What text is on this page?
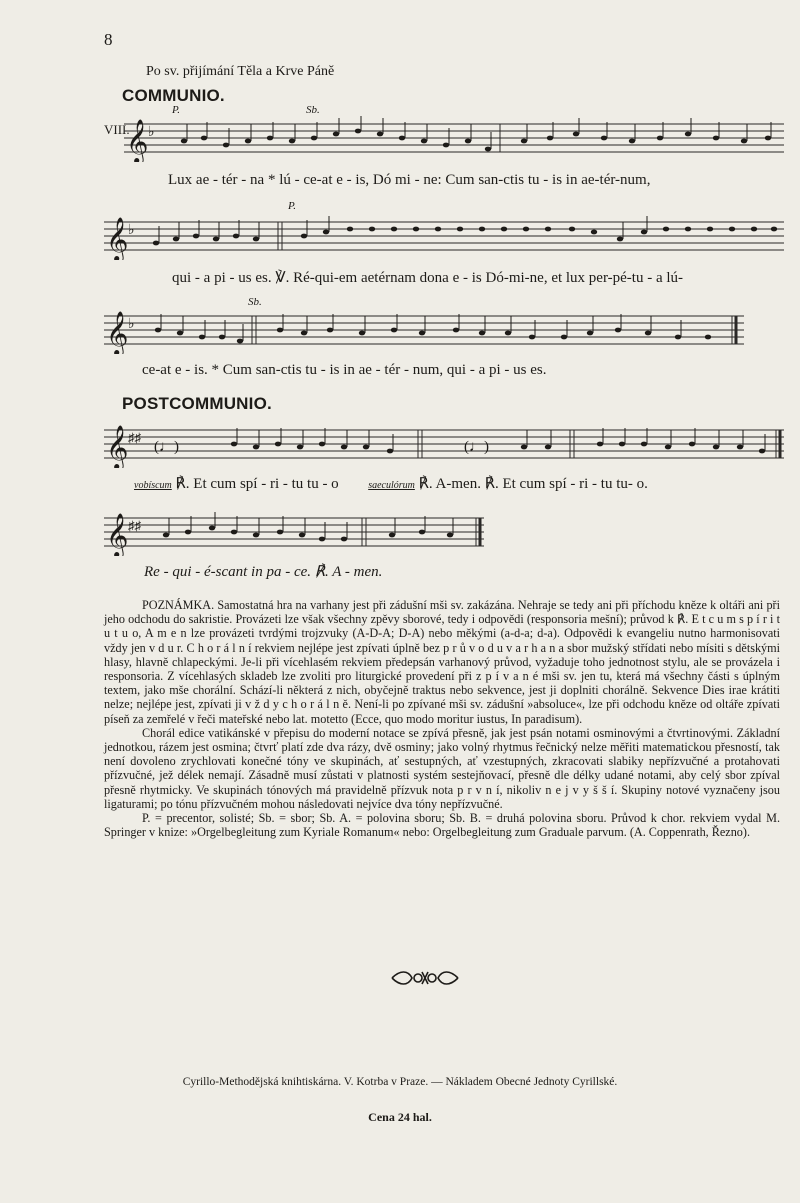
8
Po sv. přijímání Těla a Krve Páně
COMMUNIO.
P.	Sb.
VIII.
𝄞 ♭
Lux ae - tér - na * lú - ce-at e - is, Dó mi - ne: Cum san-ctis tu - is in ae-tér-num,
P.
𝄞 ♭
qui - a pi - us es. ℣. Ré-qui-em aetérnam dona e - is Dó-mi-ne, et lux per-pé-tu - a lú-
Sb.
𝄞 ♭
ce-at e - is. * Cum san-ctis tu - is in ae - tér - num, qui - a pi - us es.
POSTCOMMUNIO.
𝄞 ♯♯
(♩)	(♩)
vobíscum ℟. Et cum spí - ri - tu tu - o	saeculórum ℟. A-men. ℟. Et cum spí - ri - tu tu- o.
𝄞 ♯♯
Re - qui - é-scant in pa - ce. ℟. A - men.

POZNÁMKA. Samostatná hra na varhany jest při zádušní mši sv. zakázána. Nehraje se tedy ani při příchodu kněze k oltáři ani při jeho odchodu do sakristie. Provázeti lze však všechny zpěvy sborové, tedy i odpovědi (responsoria mešní); průvod k ℟. E t c u m s p í r i t u t u o, A m e n lze provázeti tvrdými trojzvuky (A-D-A; D-A) nebo měkými (a-d-a; d-a). Odpovědi k evangeliu nutno harmonisovati vždy jen v d u r. C h o r á l n í rekviem nejlépe jest zpívati úplně bez p r ů v o d u v a r h a n a sbor mužský střídati nebo mísiti s dětskými hlasy, hlavně chlapeckými. Je-li při vícehlasém rekviem předepsán varhanový průvod, vyžaduje toho jednotnost stylu, ale se provázela i responsoria. Z vícehlasých skladeb lze zvoliti pro liturgické provedení při z p í v a n é mši sv. jen tu, která má všechny části s úplným textem, jako mše chorální. Schází-li některá z nich, obyčejně traktus nebo sekvence, jest ji doplniti chorálně. Sekvence Dies irae krátiti nelze; nejlépe jest, zpívati ji v ž d y c h o r á l n ě. Není-li po zpívané mši sv. zádušní »absoluce«, lze při odchodu kněze od oltáře zpívati píseň za zemřelé v řeči mateřské nebo lat. motetto (Ecce, quo modo moritur iustus, In paradisum).

Chorál edice vatikánské v přepisu do moderní notace se zpívá přesně, jak jest psán notami osminovými a čtvrtinovými. Základní jednotkou, rázem jest osmina; čtvrť platí zde dva rázy, dvě osminy; jako volný rhytmus řečnický nelze měřiti matematickou přesností, tak není dovoleno zrychlovati konečné tóny ve skupinách, ať sestupných, ať vzestupných, zkracovati slabiky nepřízvučné a protahovati přízvučné, jež délek nemají. Zásadně musí zůstati v platnosti systém sestejňovací, přesně dle délky udané notami, aby celý sbor zpíval přesně rhytmicky. Ve skupinách tónových má pravidelně přízvuk nota p r v n í, nikoliv n e j v y š š í. Skupiny notové vyznačeny jsou ligaturami; po tónu přízvučném mohou následovati nejvíce dva tóny nepřízvučné.

P. = precentor, solisté; Sb. = sbor; Sb. A. = polovina sboru; Sb. B. = druhá polovina sboru. Průvod k chor. rekviem vydal M. Springer v knize: »Orgelbegleitung zum Kyriale Romanum« nebo: Orgelbegleitung zum Graduale parvum. (A. Coppenrath, Řezno).

Cyrillo-Methodějská knihtiskárna. V. Kotrba v Praze. — Nákladem Obecné Jednoty Cyrillské.
Cena 24 hal.
